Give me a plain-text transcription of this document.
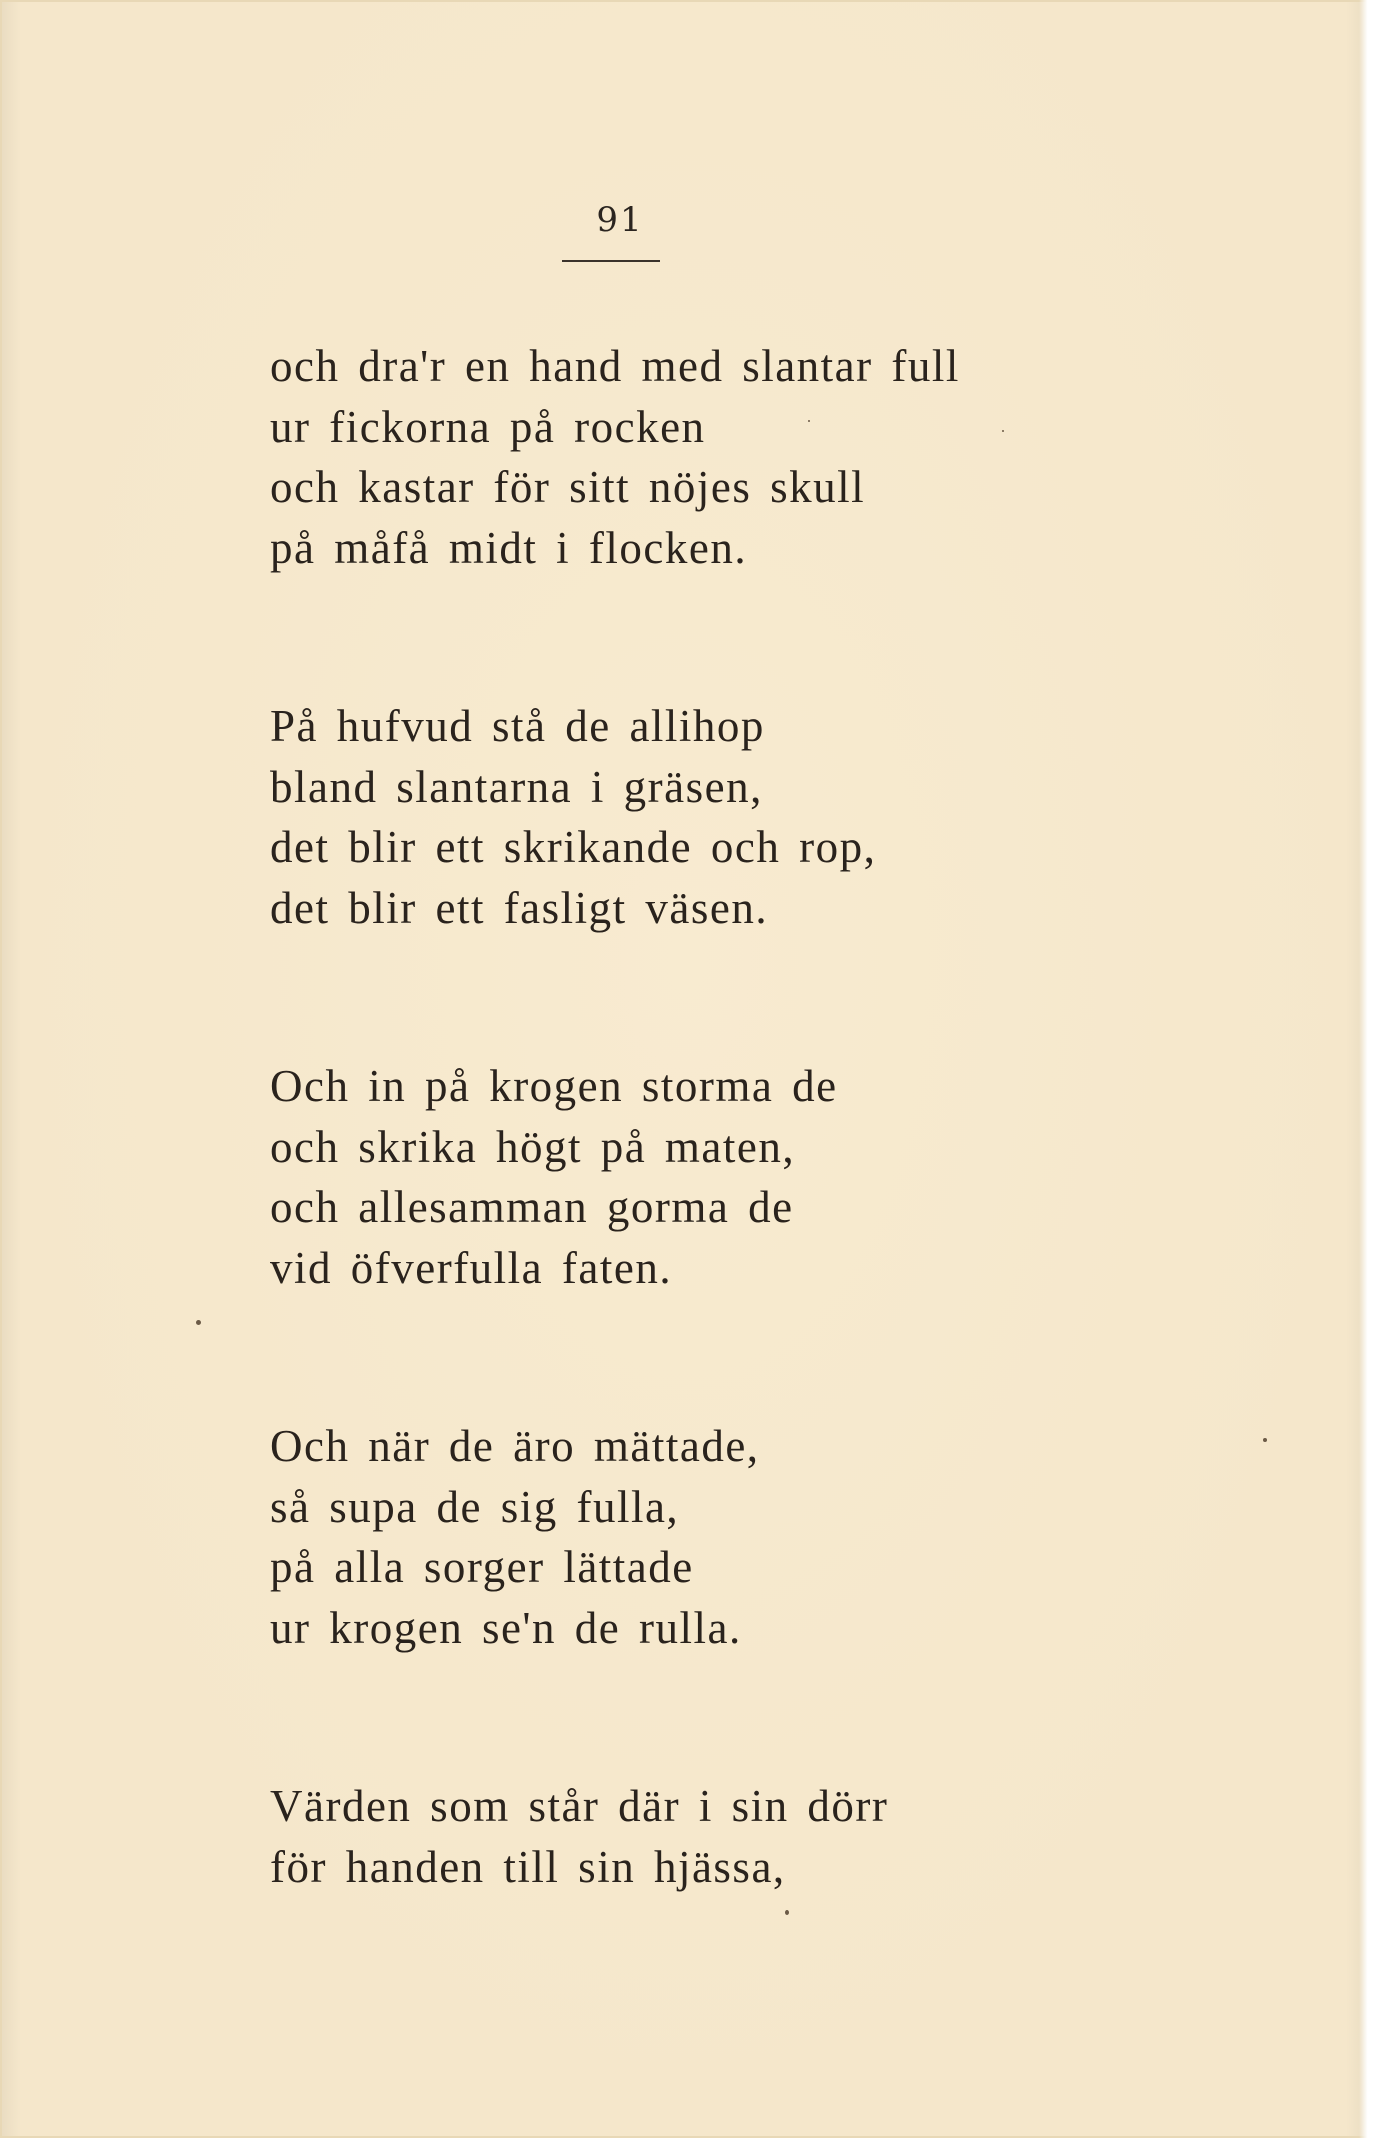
91
och dra'r en hand med slantar full
ur fickorna på rocken
och kastar för sitt nöjes skull
på måfå midt i flocken.
På hufvud stå de allihop
bland slantarna i gräsen,
det blir ett skrikande och rop,
det blir ett fasligt väsen.
Och in på krogen storma de
och skrika högt på maten,
och allesamman gorma de
vid öfverfulla faten.
Och när de äro mättade,
så supa de sig fulla,
på alla sorger lättade
ur krogen se'n de rulla.
Värden som står där i sin dörr
för handen till sin hjässa,
